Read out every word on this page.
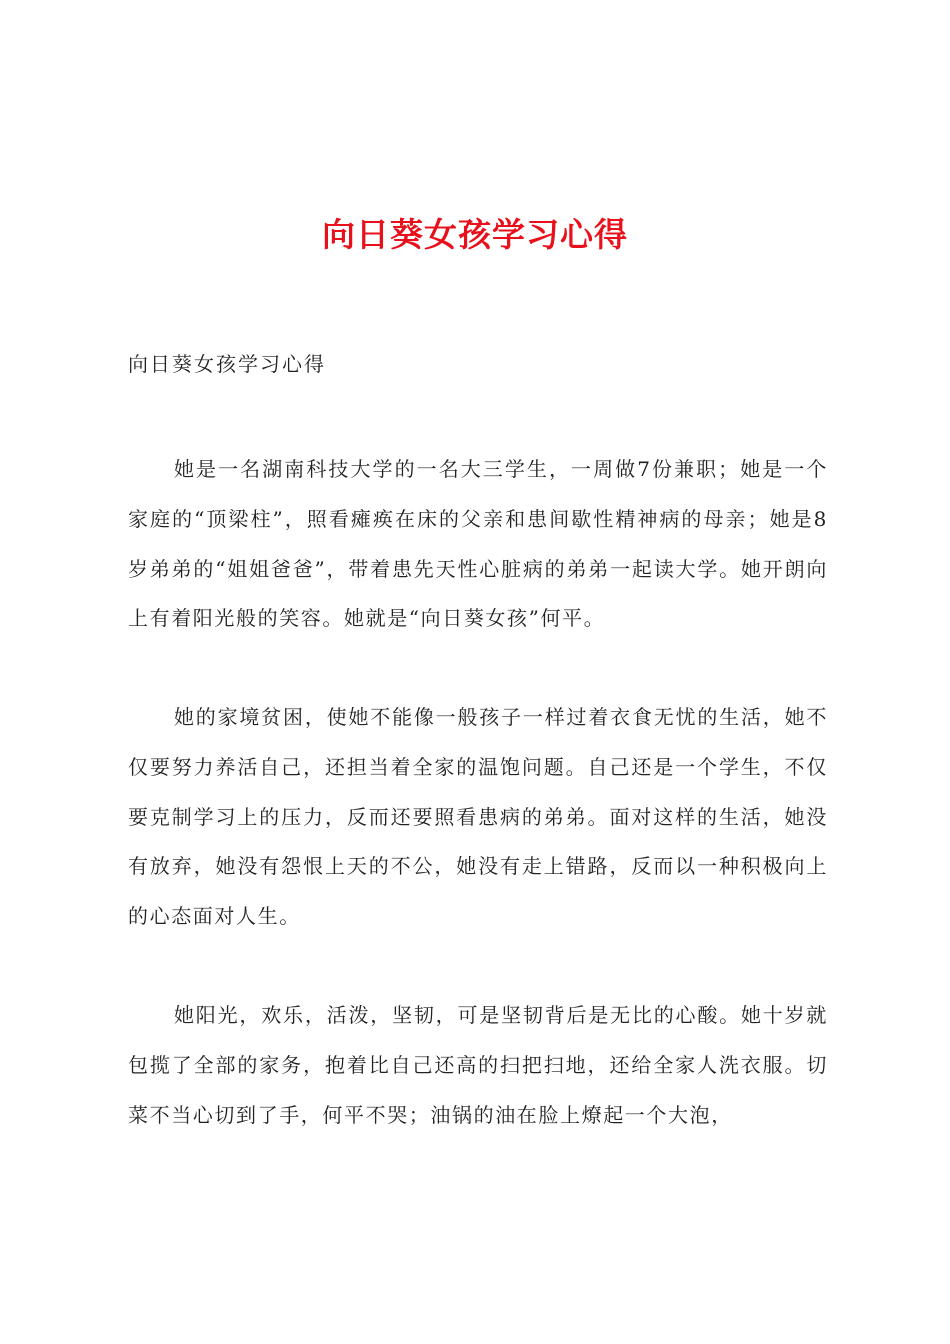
向日葵女孩学习心得
向日葵女孩学习心得

她是一名湖南科技大学的一名大三学生，一周做7份兼职；她是一个家庭的“顶梁柱”，照看瘫痪在床的父亲和患间歇性精神病的母亲；她是8岁弟弟的“姐姐爸爸”，带着患先天性心脏病的弟弟一起读大学。她开朗向上有着阳光般的笑容。她就是“向日葵女孩”何平。

她的家境贫困，使她不能像一般孩子一样过着衣食无忧的生活，她不仅要努力养活自己，还担当着全家的温饱问题。自己还是一个学生，不仅要克制学习上的压力，反而还要照看患病的弟弟。面对这样的生活，她没有放弃，她没有怨恨上天的不公，她没有走上错路，反而以一种积极向上的心态面对人生。

她阳光，欢乐，活泼，坚韧，可是坚韧背后是无比的心酸。她十岁就包揽了全部的家务，抱着比自己还高的扫把扫地，还给全家人洗衣服。切菜不当心切到了手，何平不哭；油锅的油在脸上燎起一个大泡，
